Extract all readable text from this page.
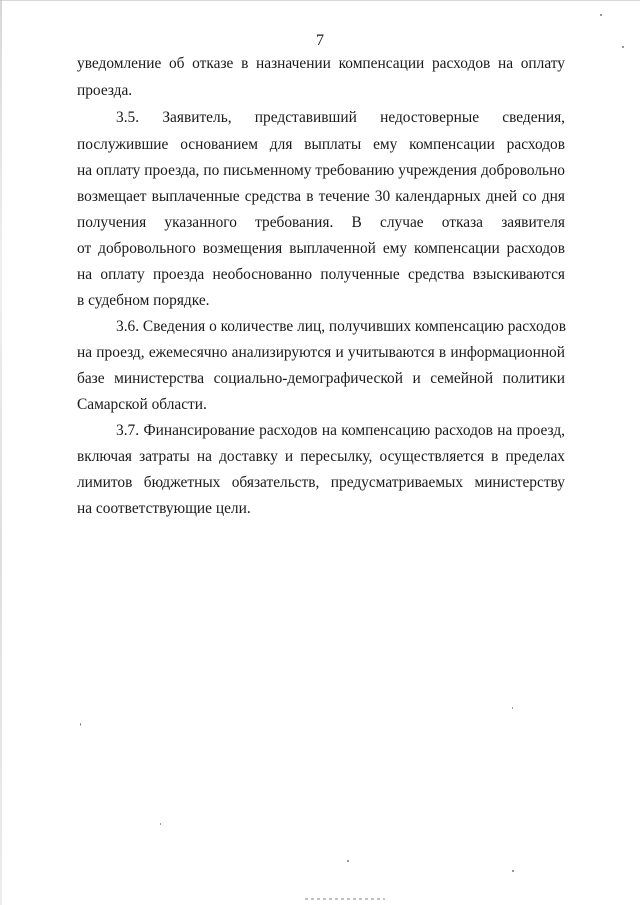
7
уведомление об отказе в назначении компенсации расходов на оплату
проезда.
3.5. Заявитель, представивший недостоверные сведения,
послужившие основанием для выплаты ему компенсации расходов
на оплату проезда, по письменному требованию учреждения добровольно
возмещает выплаченные средства в течение 30 календарных дней со дня
получения указанного требования. В случае отказа заявителя
от добровольного возмещения выплаченной ему компенсации расходов
на оплату проезда необоснованно полученные средства взыскиваются
в судебном порядке.
3.6. Сведения о количестве лиц, получивших компенсацию расходов
на проезд, ежемесячно анализируются и учитываются в информационной
базе министерства социально-демографической и семейной политики
Самарской области.
3.7. Финансирование расходов на компенсацию расходов на проезд,
включая затраты на доставку и пересылку, осуществляется в пределах
лимитов бюджетных обязательств, предусматриваемых министерству
на соответствующие цели.
